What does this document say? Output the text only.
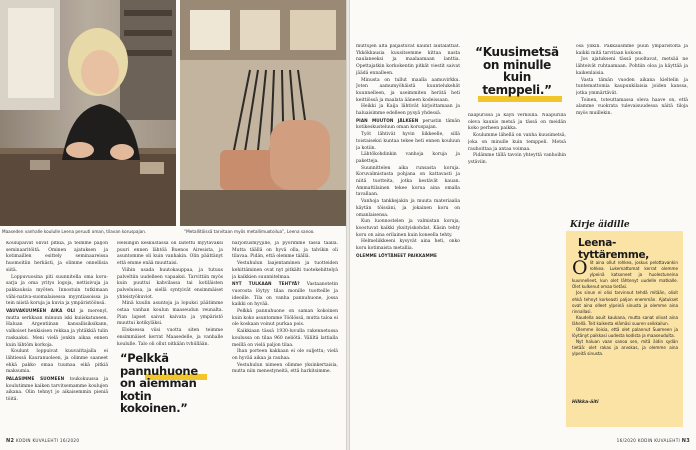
Maaseden vanhalle koululle Leena peruuti oman, tilavan koruspajan.	“Metallitöissä tarvitaan myös metallimuotoilua”, Leena sanoo.

Koulupäivät olivat pitkiä, ja teimme paljon seminaaritöitä. Ominen ajatuksen ja kotimaillen esittely seminaareissa huomoitiin herkästi, ja olimme onnellisia siitä.

Loppuvuosina piti suunnitella oma koru-sarja ja oma yritys logoja, nettisivuja ja pakkauksia myöten. Innostuin tutkimaan vähi-nativa-suomalaisessa myyntiasoissa ja tein niistä koruja ja kuvia ja ympäristöönsä.

VAUVAKUUMEEN AIKA OLI ja merenyl, mutta serkkaan minuun iski kuiiskatuneen. Haluan Argentiinan kansallisiksikann, valkoiset henkisisen rekkaa ja yhtäkkiä tulin raskaaksi. Meni vielä jonkin aikaa ennen kuin lähtöm korkoja.

Koulunt loppuivat kuuvaittajalla ei lähtiessä Kauranuoleen, ja olimme saaneet ehkä pakko omaa tuumaa eikä pitkiä maksumia.

PALASIMME SUOMEEN toukokuussa ja koulutimme kaiken tarvitsemamme koulujen aikana. Olin tehnyt jo aikaisemmin pieniä töitä.

Helsingin keskustassa oli laitettu myytäväksi puuri ennen lähtöä Buenos Airesista, ja asuntomme oli kuin vanhakin. Olin päättänyt että emme enää muuttaisi.

Viihin usada huutokauppaa, ja tutuus palveltiin uudelleen vapaaksi. Tarvittiin myös kuin puuttui kahvilassa tai kotiläisten palveluissa, ja siellä syntyivät ensimmäiset yhteistyökuviot.

Minä kuulin asuntoja ja lopuksi päätimme ostaa vanhan koulun maaseudun reunalta. Pian lapset saivat kaivata ja ympäristö muuttui kotikyläksi.

Eloksessa viisi vuotta siten teimme ensimmäiset kerrat Maasedelle, ja vanhalle koululle. Talo oli ollut pitkään tyhjillään.

“Pelkkä pannuhuone on aiemman kotin kokoinen.”

harjoitusmyyjille, ja pyörimme tässä täällä. Mutta täällä on hyvä olla, ja talvikin oli tilavaa. Pidän, että olemme täällä.

Vestuhulun laajentaminen ja tuotteiden kehittäminen ovat nyt pitkälti tuotekehittelyä ja kaikkien suunnitelmaa.

NYT TULKAAN TEHTYÄ? Vastaanotetin vuorosta löytyy tilaa monille tuotteille ja ideoille. Tila on vanha pannuhuone, jossa kaikki on hyvää.

Pelkkä pannuhuone on saman kokoinen kuin koko asuntomme Töölössä, mutta taloa ei ole koskaan voinut purkaa pois.

Kaikkiaan tässä 1930-luvulla rakennetussa koulussa on tilaa 960 neliötä. Väliltä lattialla meillä on vielä paljon tilaa.

Ihan porteen kakkaan ei ole suljettu; vielä on hyvää aikaa ja rauhaa.

Vestuhulun nimeen olimme yksinkertaisia, mutta niin menestyneitä, että harkitsimme.

N2 KODIN KUVALEHTI 16/2020

muttujen alta paljastuvat kaunit lautalattiat. Ykkökkausia kuusitsemme kittaa nasta naulaneeksi ja maalaamaan lanttia. Opettajatkin korkokentin pitkät viestit saivat jäädä ennalleen.

Minusta on tullut maalla aamuvirkku. Joten aamumyöhäistä kuuntelukehät kuunnelleen, ja useimmiten herätä heti keittiössä ja maalata ääneen kodeissaan.

Heikki ja Kaija lähtivät kirjoittamaan ja haluaisimme edelleen pysyä yhdessä.

PIAN MUUTON JÄLKEEN perustin tämän kotikeskusteluun oman koruspajan.

Työt lähtivät hyvin liikkeelle, sillä toistaiseksi kuntaa tekee heti ennen kouluun ja kotiin.

Lähtökohdinkin vanhoja koruja ja paketteja.

Suunnittelen aika runsasta koruja. Koruvalmistusta pohjana on kattavasti ja niitä tuotteita, jotka kestävät kauan. Ammattilainen tekee korua aina omalla tavallaan.

Vanhoja tankkejakin ja muuta materiaalia käytän töissäni, ja jokainen koru on omanlaisensa.

Kun luonnostelen ja valmistan koruja, koostuvat kaikki yksityiskohdat. Käsin tehty koru on aina erilainen kuin koneella tehty.

Helmeliikkeeni kysyvät aina heti, onko koru kotimaista metallia.

OLEMME LÖYTÄNEET PAIKKAMME

“Kuusimetsä on minulle kuin temppeli.”

naapurissa ja käyn verkoilla. Naapurilla oleva kaunis metsä ja tässä on meidän koko perheen paikka.

Koulumme lähellä on vanha kuusimetsä, joka on minulle kuin temppeli. Metsä rauhoittaa ja antaa voimaa.

Pidämme tällä tavoin yhteyttä vanhoihin ystäviin.

osa ylikin. Pakkausmme puun ympäristöltä ja kaikki mitä tarvitaan kokoon.

Jos ajatukseni tässä puoltavat, metsää ne lähteivät ruhtaamaan. Pohtiin oloa ja käyttää ja kaikenlaisia.

Vasta tämän vuoden aikana kieltelin ja tuntemattomia kaupunkilaisia joiden kanssa, jotka ymmärtävät.

Toinen, toteuttamassa oleva haave on, että alamme vuokrata tulevaisuudessa näitä tiloja myös muillekin.

Kirje äidille
Leena-tyttäremme,

Olit aina ollut rohkea, joskus pelottavankin rohkea. Lukemattomat kerrat olemme ylpeinä katsoneet ja huolestuneina kuunnelleet, kun olet lähtenyt uudelle matkalle. Olet kulkenut omaa tietäsi.

Jos sinun ei olisi tarvinnut tehdä mitään, olisit ehkä tehnyt korkeasti paljon enemmän. Ajatukset ovat aina olleet ylpeinä sinusta ja olemme aina rinnallasi.

Kaudella asuit kaukana, mutta sanat olivat aina lähellä. Teit kaikesta elämäsi suuren seikkailun.

Olemme iloisia, että olet palannut Suomeen ja löytänyt paikkasi uudesta kodista ja maaseudulta.

Nyt haluan vaan sanoa sen, mitä äidin sydän tietää: olet rakas ja arvokas, ja olemme aina ylpeitä sinusta.

Hilkka-äiti
16/2020 KODIN KUVALEHTI N3
